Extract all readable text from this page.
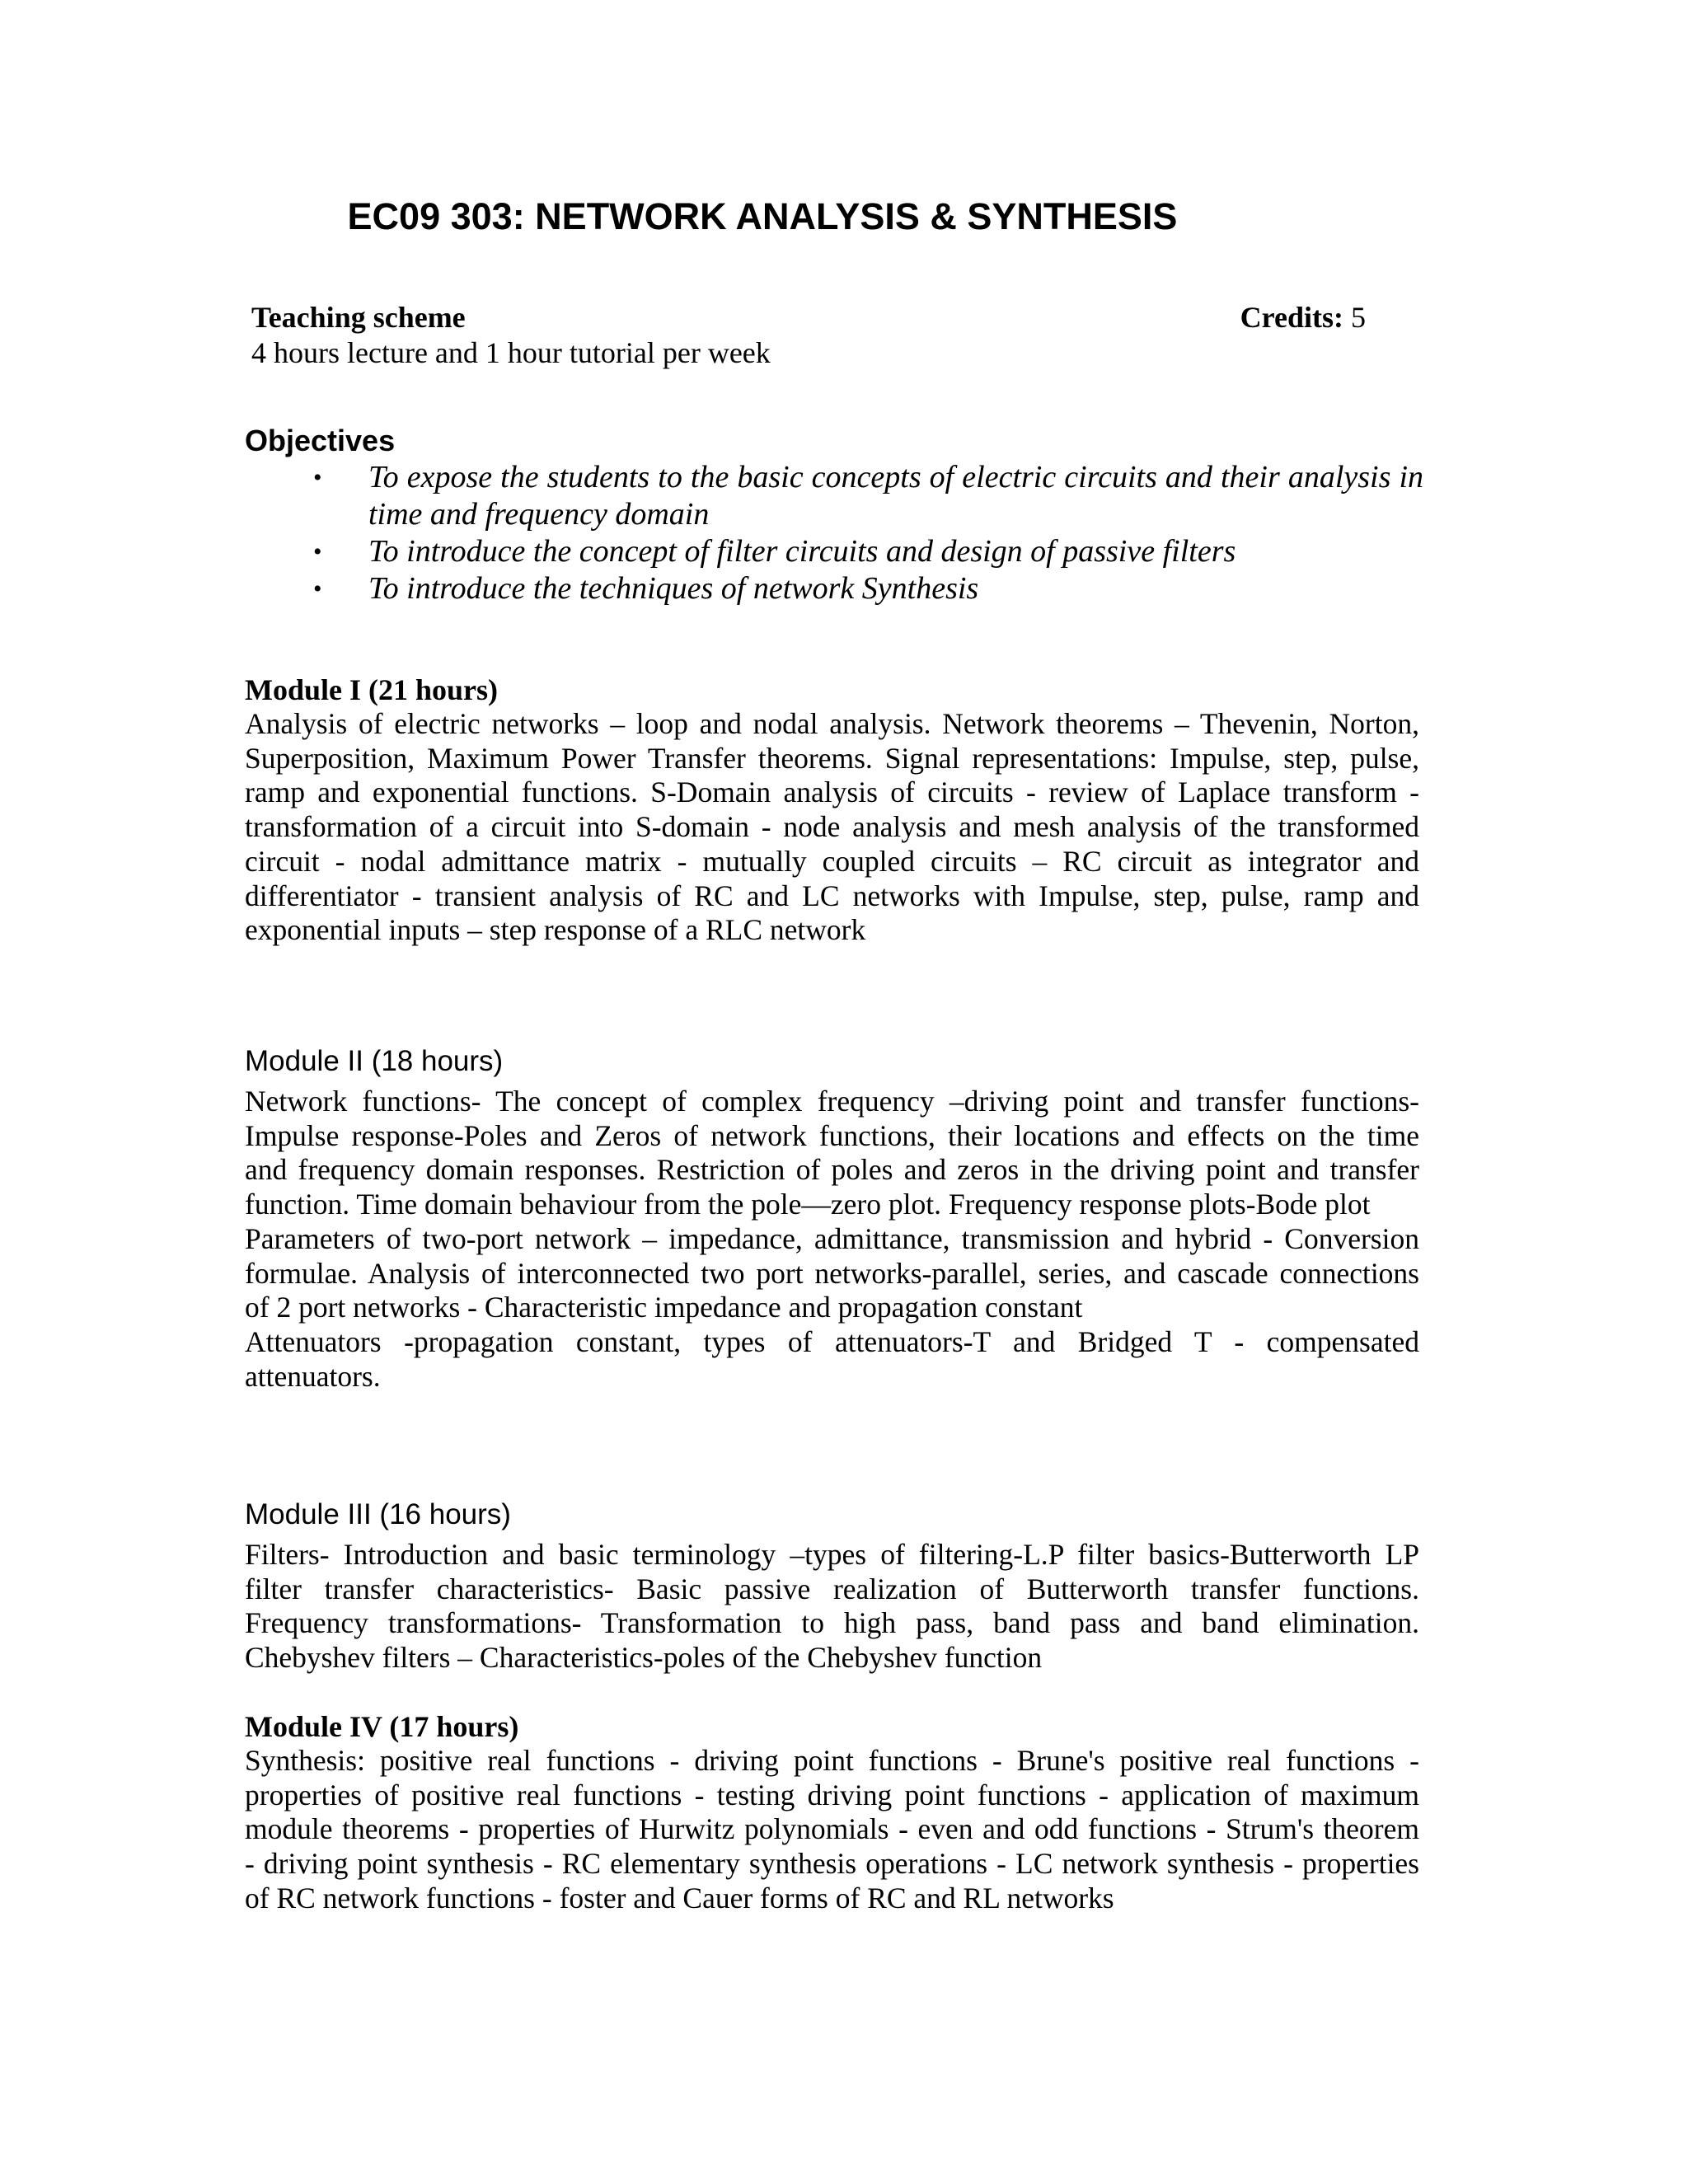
EC09 303: NETWORK ANALYSIS & SYNTHESIS
Teaching scheme	Credits: 5
4 hours lecture and 1 hour tutorial per week
Objectives
• To expose the students to the basic concepts of electric circuits and their analysis in time and frequency domain
• To introduce the concept of filter circuits and design of passive filters
• To introduce the techniques of network Synthesis
Module I (21 hours)
Analysis of electric networks – loop and nodal analysis. Network theorems – Thevenin, Norton,
Superposition, Maximum Power Transfer theorems. Signal representations: Impulse, step, pulse,
ramp and exponential functions. S-Domain analysis of circuits - review of Laplace transform -
transformation of a circuit into S-domain - node analysis and mesh analysis of the transformed
circuit - nodal admittance matrix - mutually coupled circuits – RC circuit as integrator and
differentiator - transient analysis of RC and LC networks with Impulse, step, pulse, ramp and
exponential inputs – step response of a RLC network
Module II (18 hours)
Network functions- The concept of complex frequency –driving point and transfer functions-
Impulse response-Poles and Zeros of network functions, their locations and effects on the time
and frequency domain responses. Restriction of poles and zeros in the driving point and transfer
function. Time domain behaviour from the pole—zero plot. Frequency response plots-Bode plot
Parameters of two-port network – impedance, admittance, transmission and hybrid - Conversion
formulae. Analysis of interconnected two port networks-parallel, series, and cascade connections
of 2 port networks - Characteristic impedance and propagation constant
Attenuators -propagation constant, types of attenuators-T and Bridged T - compensated
attenuators.
Module III (16 hours)
Filters- Introduction and basic terminology –types of filtering-L.P filter basics-Butterworth LP
filter transfer characteristics- Basic passive realization of Butterworth transfer functions.
Frequency transformations- Transformation to high pass, band pass and band elimination.
Chebyshev filters – Characteristics-poles of the Chebyshev function
Module IV (17 hours)
Synthesis: positive real functions - driving point functions - Brune's positive real functions -
properties of positive real functions - testing driving point functions - application of maximum
module theorems - properties of Hurwitz polynomials - even and odd functions - Strum's theorem
- driving point synthesis - RC elementary synthesis operations - LC network synthesis - properties
of RC network functions - foster and Cauer forms of RC and RL networks
